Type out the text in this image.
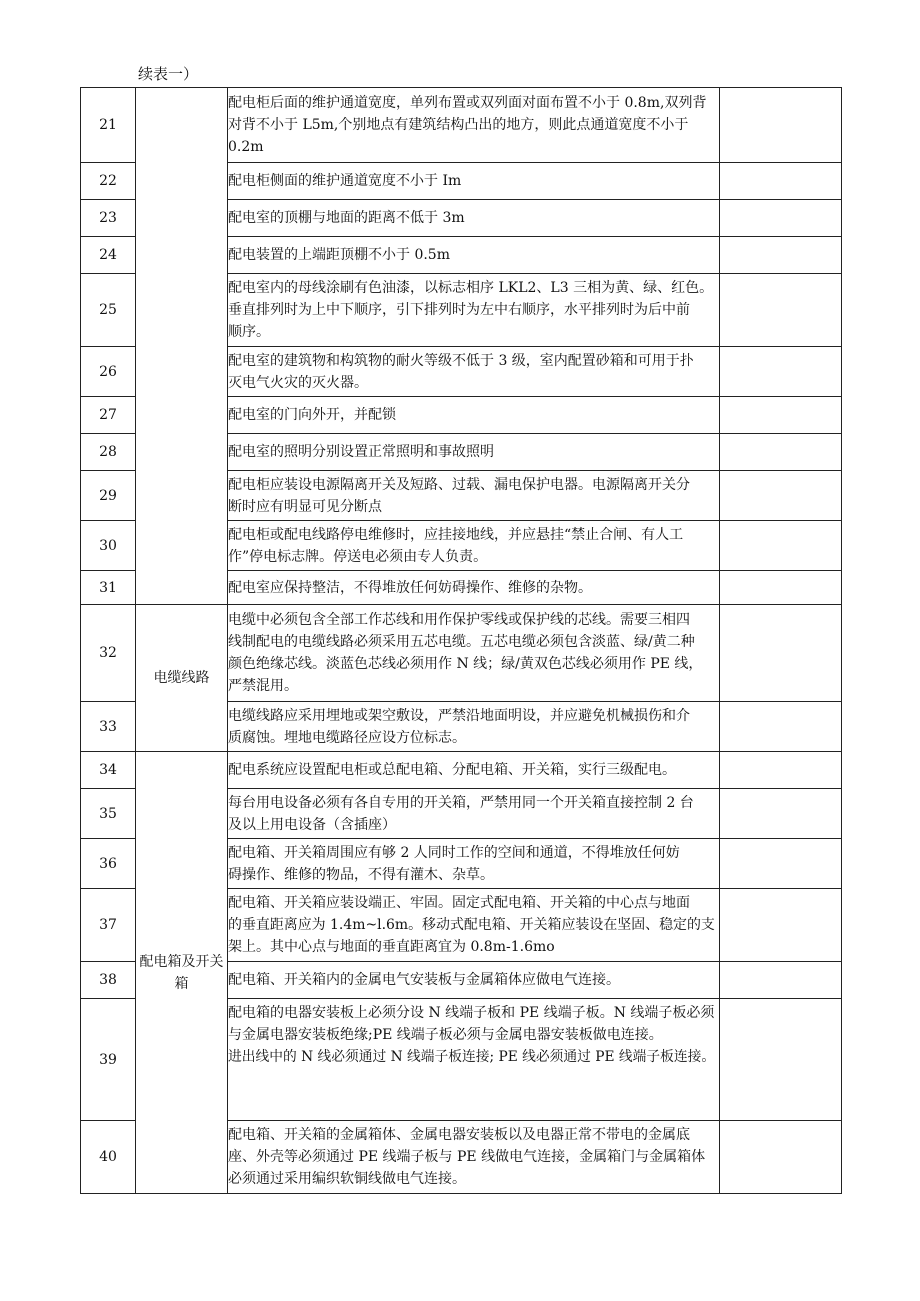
续表一）
21		配电柜后面的维护通道宽度，单列布置或双列面对面布置不小于 0.8m,双列背
对背不小于 L5m,个别地点有建筑结构凸出的地方，则此点通道宽度不小于
0.2m	

22		配电柜侧面的维护通道宽度不小于 Im	

23		配电室的顶棚与地面的距离不低于 3m	

24		配电装置的上端距顶棚不小于 0.5m	

25		配电室内的母线涂刷有色油漆，以标志相序 LKL2、L3 三相为黄、绿、红色。
垂直排列时为上中下顺序，引下排列时为左中右顺序，水平排列时为后中前
顺序。	

26		配电室的建筑物和构筑物的耐火等级不低于 3 级，室内配置砂箱和可用于扑
灭电气火灾的灭火器。	

27		配电室的门向外开，并配锁	

28		配电室的照明分别设置正常照明和事故照明	

29		配电柜应装设电源隔离开关及短路、过载、漏电保护电器。电源隔离开关分
断时应有明显可见分断点	

30		配电柜或配电线路停电维修时，应挂接地线，并应悬挂“禁止合闸、有人工
作”停电标志牌。停送电必须由专人负责。	

31		配电室应保持整洁，不得堆放任何妨碍操作、维修的杂物。	

32	电缆线路	电缆中必须包含全部工作芯线和用作保护零线或保护线的芯线。需要三相四
线制配电的电缆线路必须采用五芯电缆。五芯电缆必须包含淡蓝、绿/黄二种
颜色绝缘芯线。淡蓝色芯线必须用作 N 线；绿/黄双色芯线必须用作 PE 线，
严禁混用。	

33		电缆线路应采用埋地或架空敷设，严禁沿地面明设，并应避免机械损伤和介
质腐蚀。埋地电缆路径应设方位标志。	

34	配电箱及开关
箱	配电系统应设置配电柜或总配电箱、分配电箱、开关箱，实行三级配电。	

35		每台用电设备必须有各自专用的开关箱，严禁用同一个开关箱直接控制 2 台
及以上用电设备（含插座）	

36		配电箱、开关箱周围应有够 2 人同时工作的空间和通道，不得堆放任何妨
碍操作、维修的物品，不得有灌木、杂草。	

37		配电箱、开关箱应装设端正、牢固。固定式配电箱、开关箱的中心点与地面
的垂直距离应为 1.4m~l.6m。移动式配电箱、开关箱应装设在坚固、稳定的支
架上。其中心点与地面的垂直距离宜为 0.8m-1.6mo	

38		配电箱、开关箱内的金属电气安装板与金属箱体应做电气连接。	

39		配电箱的电器安装板上必须分设 N 线端子板和 PE 线端子板。N 线端子板必须
与金属电器安装板绝缘;PE 线端子板必须与金属电器安装板做电连接。
进出线中的 N 线必须通过 N 线端子板连接; PE 线必须通过 PE 线端子板连接。	

40		配电箱、开关箱的金属箱体、金属电器安装板以及电器正常不带电的金属底
座、外壳等必须通过 PE 线端子板与 PE 线做电气连接，金属箱门与金属箱体
必须通过采用编织软铜线做电气连接。	
